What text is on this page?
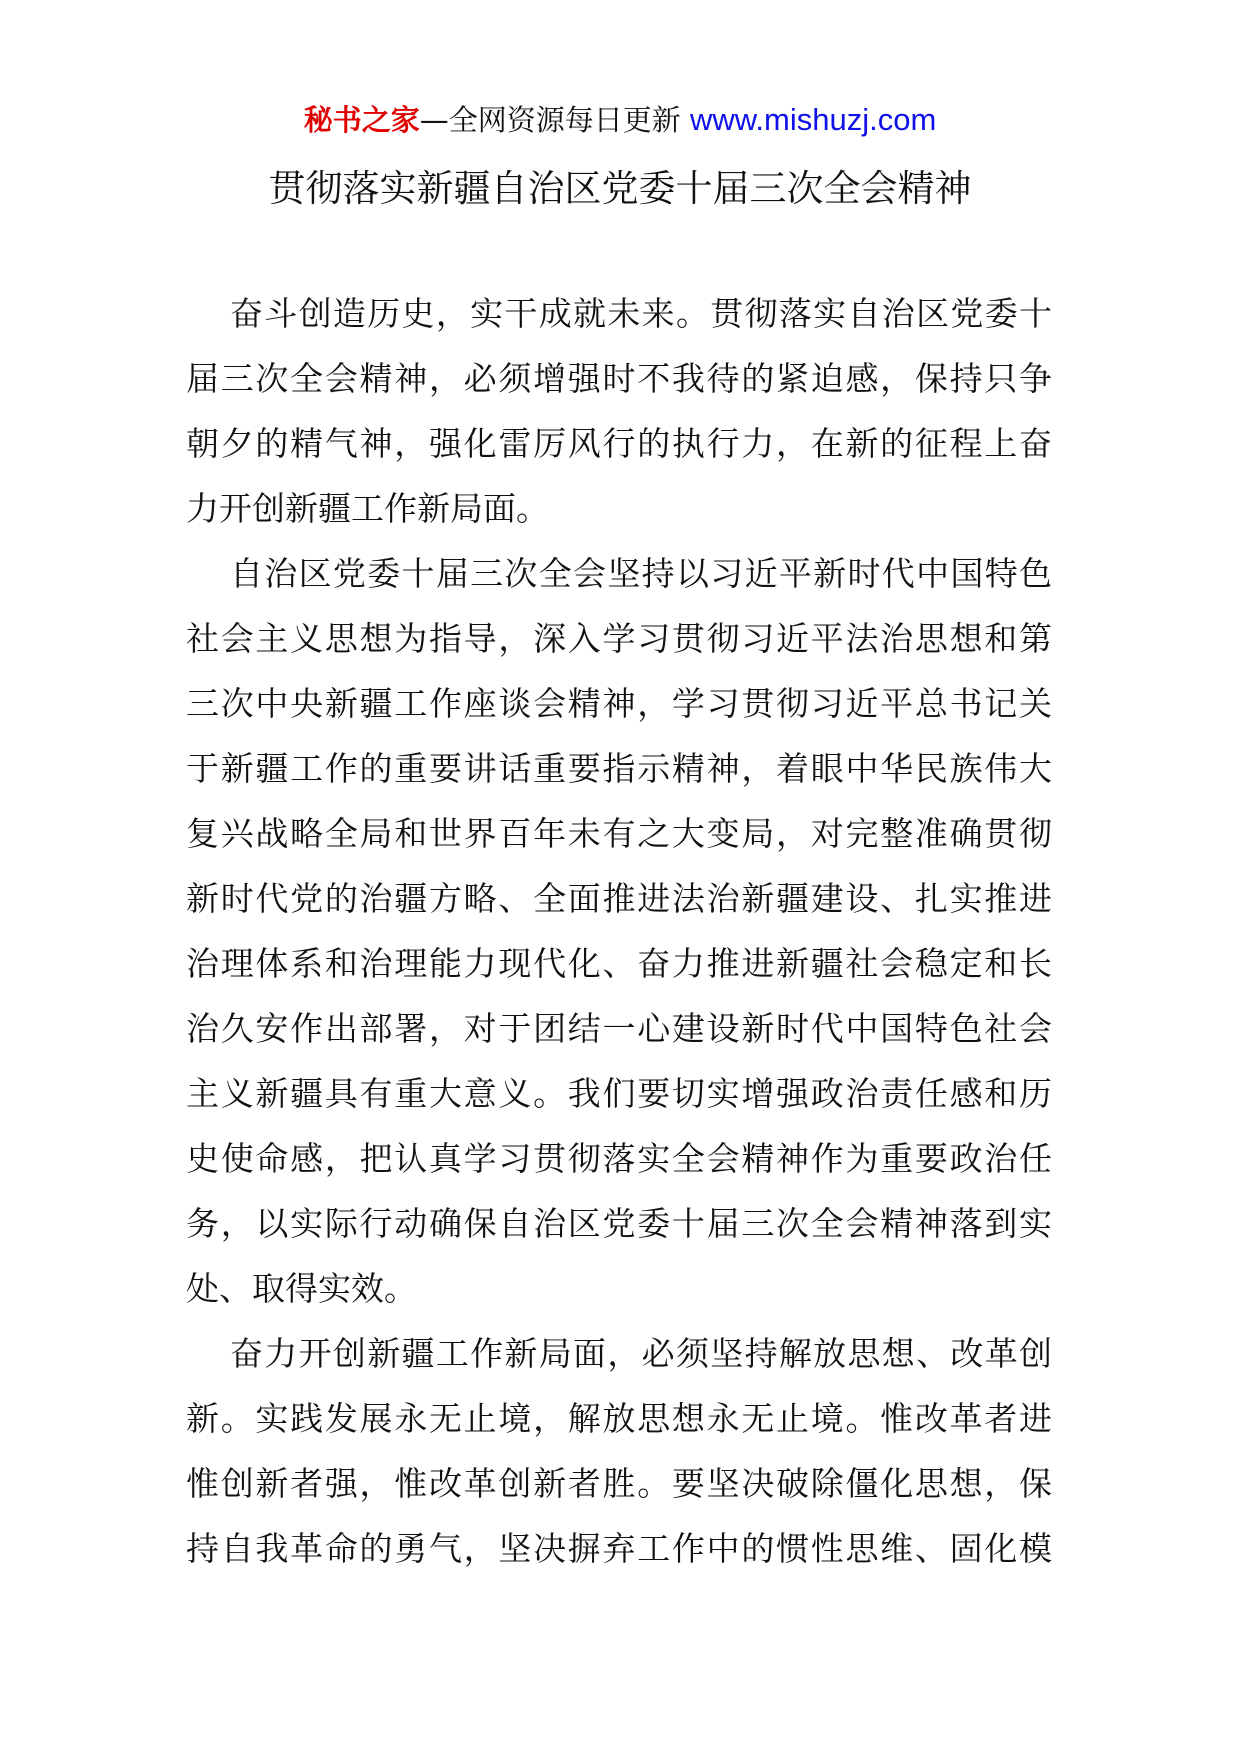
秘书之家—全网资源每日更新 www.mishuzj.com
贯彻落实新疆自治区党委十届三次全会精神
奋斗创造历史，实干成就未来。贯彻落实自治区党委十
届三次全会精神，必须增强时不我待的紧迫感，保持只争
朝夕的精气神，强化雷厉风行的执行力，在新的征程上奋
力开创新疆工作新局面。
自治区党委十届三次全会坚持以习近平新时代中国特色
社会主义思想为指导，深入学习贯彻习近平法治思想和第
三次中央新疆工作座谈会精神，学习贯彻习近平总书记关
于新疆工作的重要讲话重要指示精神，着眼中华民族伟大
复兴战略全局和世界百年未有之大变局，对完整准确贯彻
新时代党的治疆方略、全面推进法治新疆建设、扎实推进
治理体系和治理能力现代化、奋力推进新疆社会稳定和长
治久安作出部署，对于团结一心建设新时代中国特色社会
主义新疆具有重大意义。我们要切实增强政治责任感和历
史使命感，把认真学习贯彻落实全会精神作为重要政治任
务，以实际行动确保自治区党委十届三次全会精神落到实
处、取得实效。
奋力开创新疆工作新局面，必须坚持解放思想、改革创
新。实践发展永无止境，解放思想永无止境。惟改革者进
惟创新者强，惟改革创新者胜。要坚决破除僵化思想，保
持自我革命的勇气，坚决摒弃工作中的惯性思维、固化模
